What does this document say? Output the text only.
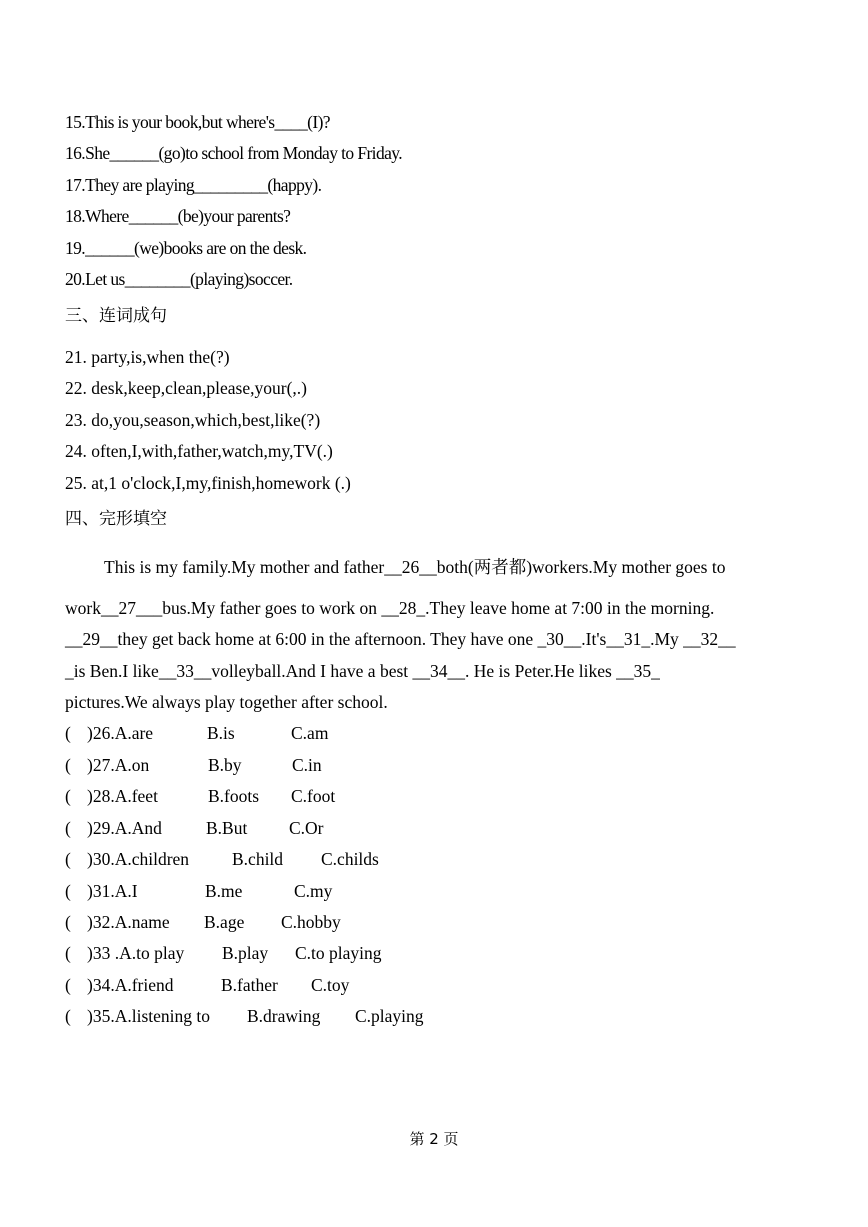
15.This is your book,but where's____(I)?
16.She______(go)to school from Monday to Friday.
17.They are playing_________(happy).
18.Where______(be)your parents?
19.______(we)books are on the desk.
20.Let us________(playing)soccer.
三、连词成句
21. party,is,when the(?)
22. desk,keep,clean,please,your(,.)
23. do,you,season,which,best,like(?)
24. often,I,with,father,watch,my,TV(.)
25. at,1 o'clock,I,my,finish,homework (.)
四、完形填空
This is my family.My mother and father__26__both(两者都)workers.My mother goes to
work__27___bus.My father goes to work on __28_.They leave home at 7:00 in the morning.
__29__they get back home at 6:00 in the afternoon. They have one _30__.It's__31_.My __32__
_is Ben.I like__33__volleyball.And I have a best __34__. He is Peter.He likes __35_
pictures.We always play together after school.
( )26.A.are	B.is	C.am
( )27.A.on	B.by	C.in
( )28.A.feet	B.foots C.foot
( )29.A.And	B.But C.Or
( )30.A.children B.child C.childs
( )31.A.I	B.me	C.my
( )32.A.name B.age C.hobby
( )33 .A.to play B.play C.to playing
( )34.A.friend	B.father C.toy
( )35.A.listening to B.drawing C.playing
第 2 页
